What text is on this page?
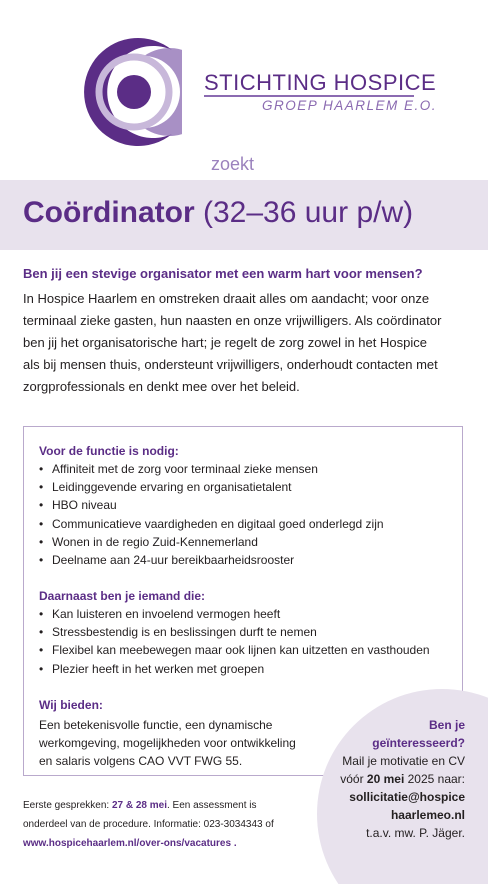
STICHTING HOSPICE
GROEP HAARLEM E.O.
zoekt
Coördinator (32–36 uur p/w)
Ben jij een stevige organisator met een warm hart voor mensen?
In Hospice Haarlem en omstreken draait alles om aandacht; voor onze
terminaal zieke gasten, hun naasten en onze vrijwilligers. Als coördinator
ben jij het organisatorische hart; je regelt de zorg zowel in het Hospice
als bij mensen thuis, ondersteunt vrijwilligers, onderhoudt contacten met
zorgprofessionals en denkt mee over het beleid.
Voor de functie is nodig:
• Affiniteit met de zorg voor terminaal zieke mensen
• Leidinggevende ervaring en organisatietalent
• HBO niveau
• Communicatieve vaardigheden en digitaal goed onderlegd zijn
• Wonen in de regio Zuid-Kennemerland
• Deelname aan 24-uur bereikbaarheidsrooster
Daarnaast ben je iemand die:
• Kan luisteren en invoelend vermogen heeft
• Stressbestendig is en beslissingen durft te nemen
• Flexibel kan meebewegen maar ook lijnen kan uitzetten en vasthouden
• Plezier heeft in het werken met groepen
Wij bieden:
Een betekenisvolle functie, een dynamische
werkomgeving, mogelijkheden voor ontwikkeling
en salaris volgens CAO VVT FWG 55.
Ben je
geïnteresseerd?
Mail je motivatie en CV
vóór 20 mei 2025 naar:
sollicitatie@hospice
haarlemeo.nl
t.a.v. mw. P. Jäger.
Eerste gesprekken: 27 & 28 mei. Een assessment is
onderdeel van de procedure. Informatie: 023-3034343 of
www.hospicehaarlem.nl/over-ons/vacatures .
